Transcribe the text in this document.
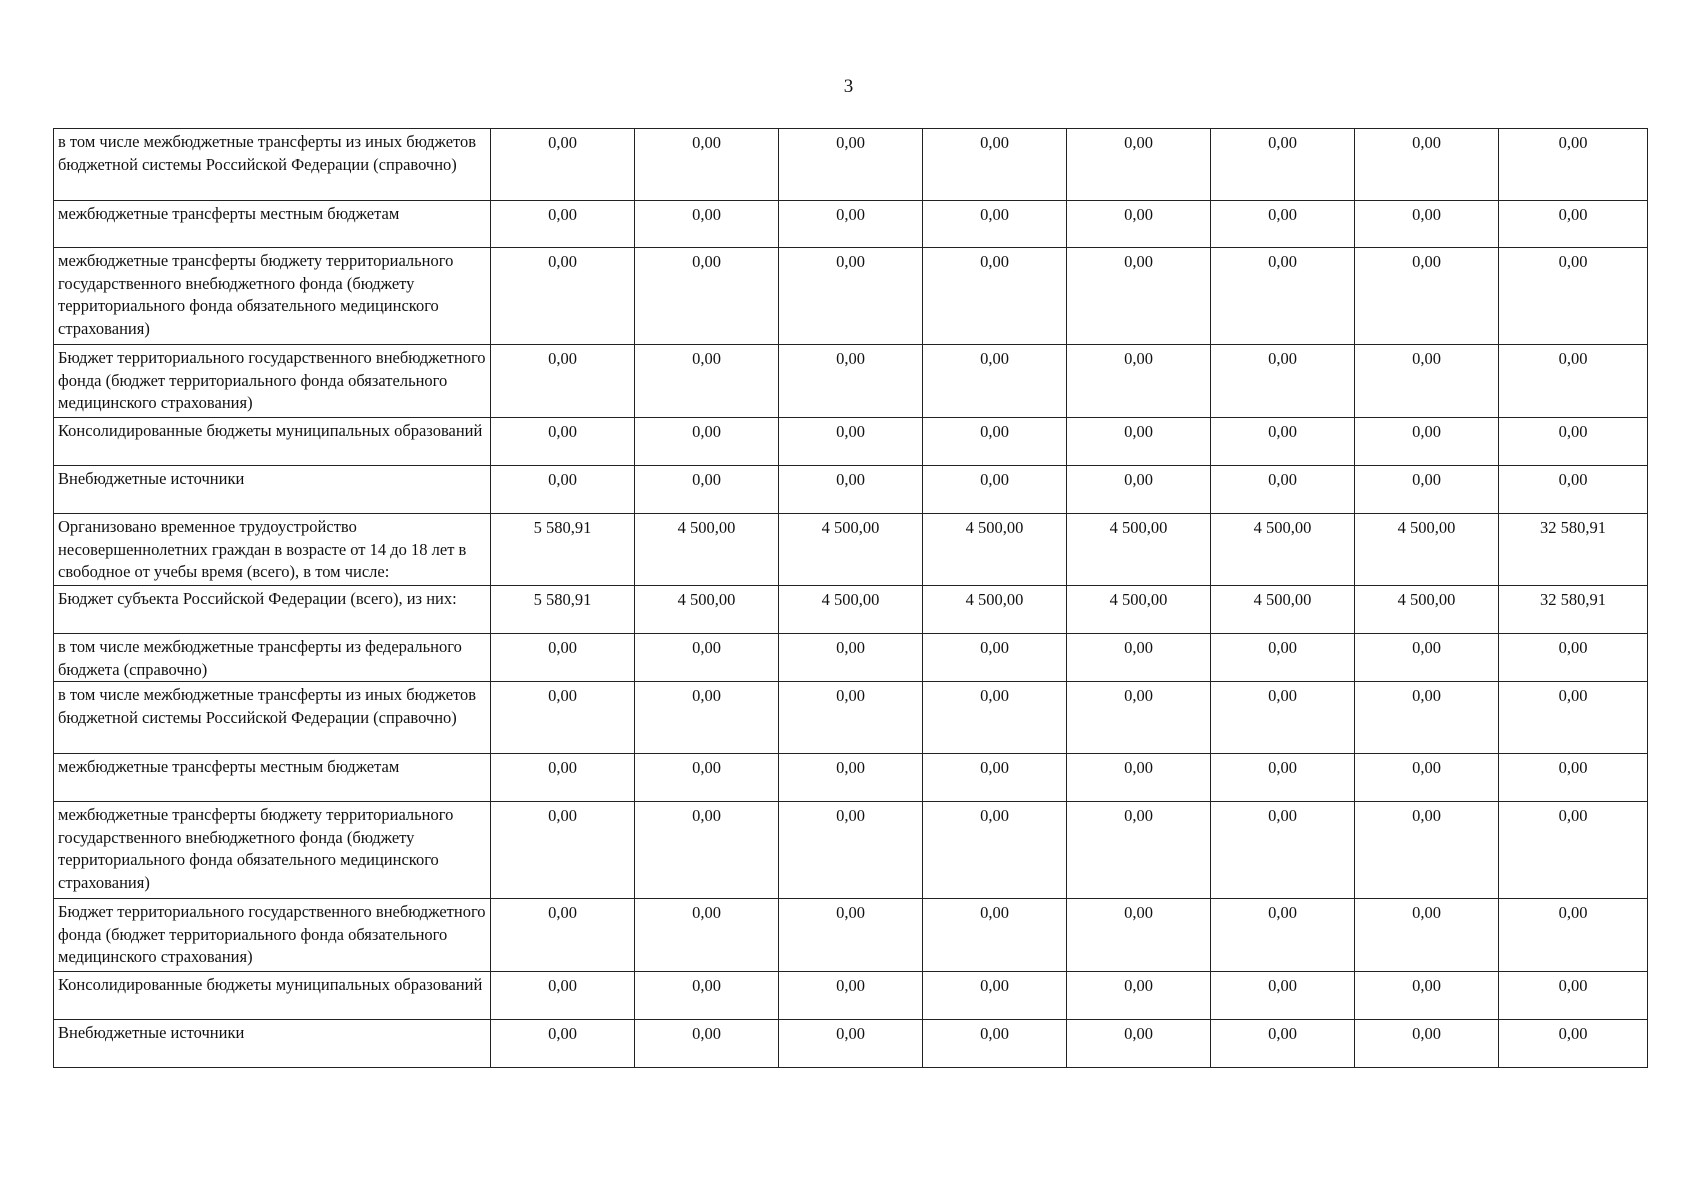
3
в том числе межбюджетные трансферты из иных бюджетов бюджетной системы Российской Федерации (справочно)	0,00	0,00	0,00	0,00	0,00	0,00	0,00	0,00
межбюджетные трансферты местным бюджетам	0,00	0,00	0,00	0,00	0,00	0,00	0,00	0,00
межбюджетные трансферты бюджету территориального государственного внебюджетного фонда (бюджету территориального фонда обязательного медицинского страхования)	0,00	0,00	0,00	0,00	0,00	0,00	0,00	0,00
Бюджет территориального государственного внебюджетного фонда (бюджет территориального фонда обязательного медицинского страхования)	0,00	0,00	0,00	0,00	0,00	0,00	0,00	0,00
Консолидированные бюджеты муниципальных образований	0,00	0,00	0,00	0,00	0,00	0,00	0,00	0,00
Внебюджетные источники	0,00	0,00	0,00	0,00	0,00	0,00	0,00	0,00
Организовано временное трудоустройство несовершеннолетних граждан в возрасте от 14 до 18 лет в свободное от учебы время (всего), в том числе:	5 580,91	4 500,00	4 500,00	4 500,00	4 500,00	4 500,00	4 500,00	32 580,91
Бюджет субъекта Российской Федерации (всего), из них:	5 580,91	4 500,00	4 500,00	4 500,00	4 500,00	4 500,00	4 500,00	32 580,91
в том числе межбюджетные трансферты из федерального бюджета (справочно)	0,00	0,00	0,00	0,00	0,00	0,00	0,00	0,00
в том числе межбюджетные трансферты из иных бюджетов бюджетной системы Российской Федерации (справочно)	0,00	0,00	0,00	0,00	0,00	0,00	0,00	0,00
межбюджетные трансферты местным бюджетам	0,00	0,00	0,00	0,00	0,00	0,00	0,00	0,00
межбюджетные трансферты бюджету территориального государственного внебюджетного фонда (бюджету территориального фонда обязательного медицинского страхования)	0,00	0,00	0,00	0,00	0,00	0,00	0,00	0,00
Бюджет территориального государственного внебюджетного фонда (бюджет территориального фонда обязательного медицинского страхования)	0,00	0,00	0,00	0,00	0,00	0,00	0,00	0,00
Консолидированные бюджеты муниципальных образований	0,00	0,00	0,00	0,00	0,00	0,00	0,00	0,00
Внебюджетные источники	0,00	0,00	0,00	0,00	0,00	0,00	0,00	0,00
